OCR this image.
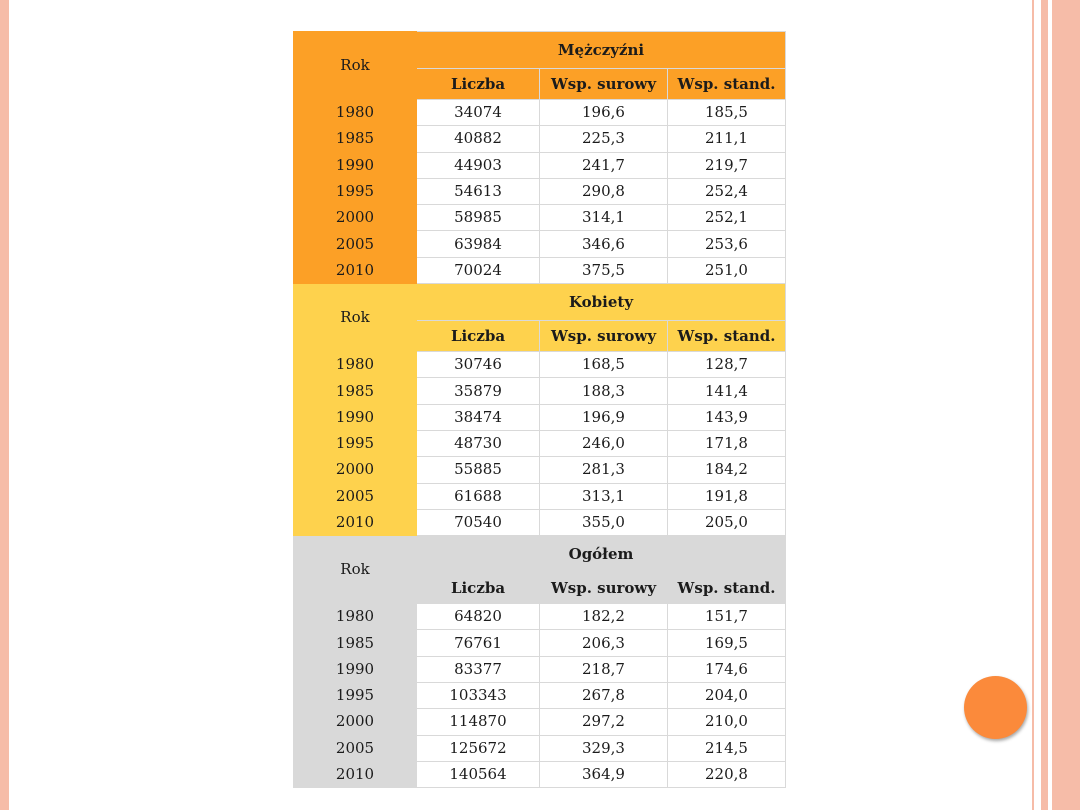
Rok	Mężczyźni		
	Liczba	Wsp. surowy	Wsp. stand.
1980	34074	196,6	185,5
1985	40882	225,3	211,1
1990	44903	241,7	219,7
1995	54613	290,8	252,4
2000	58985	314,1	252,1
2005	63984	346,6	253,6
2010	70024	375,5	251,0
Rok	Kobiety		
	Liczba	Wsp. surowy	Wsp. stand.
1980	30746	168,5	128,7
1985	35879	188,3	141,4
1990	38474	196,9	143,9
1995	48730	246,0	171,8
2000	55885	281,3	184,2
2005	61688	313,1	191,8
2010	70540	355,0	205,0
Rok	Ogółem		
	Liczba	Wsp. surowy	Wsp. stand.
1980	64820	182,2	151,7
1985	76761	206,3	169,5
1990	83377	218,7	174,6
1995	103343	267,8	204,0
2000	114870	297,2	210,0
2005	125672	329,3	214,5
2010	140564	364,9	220,8
